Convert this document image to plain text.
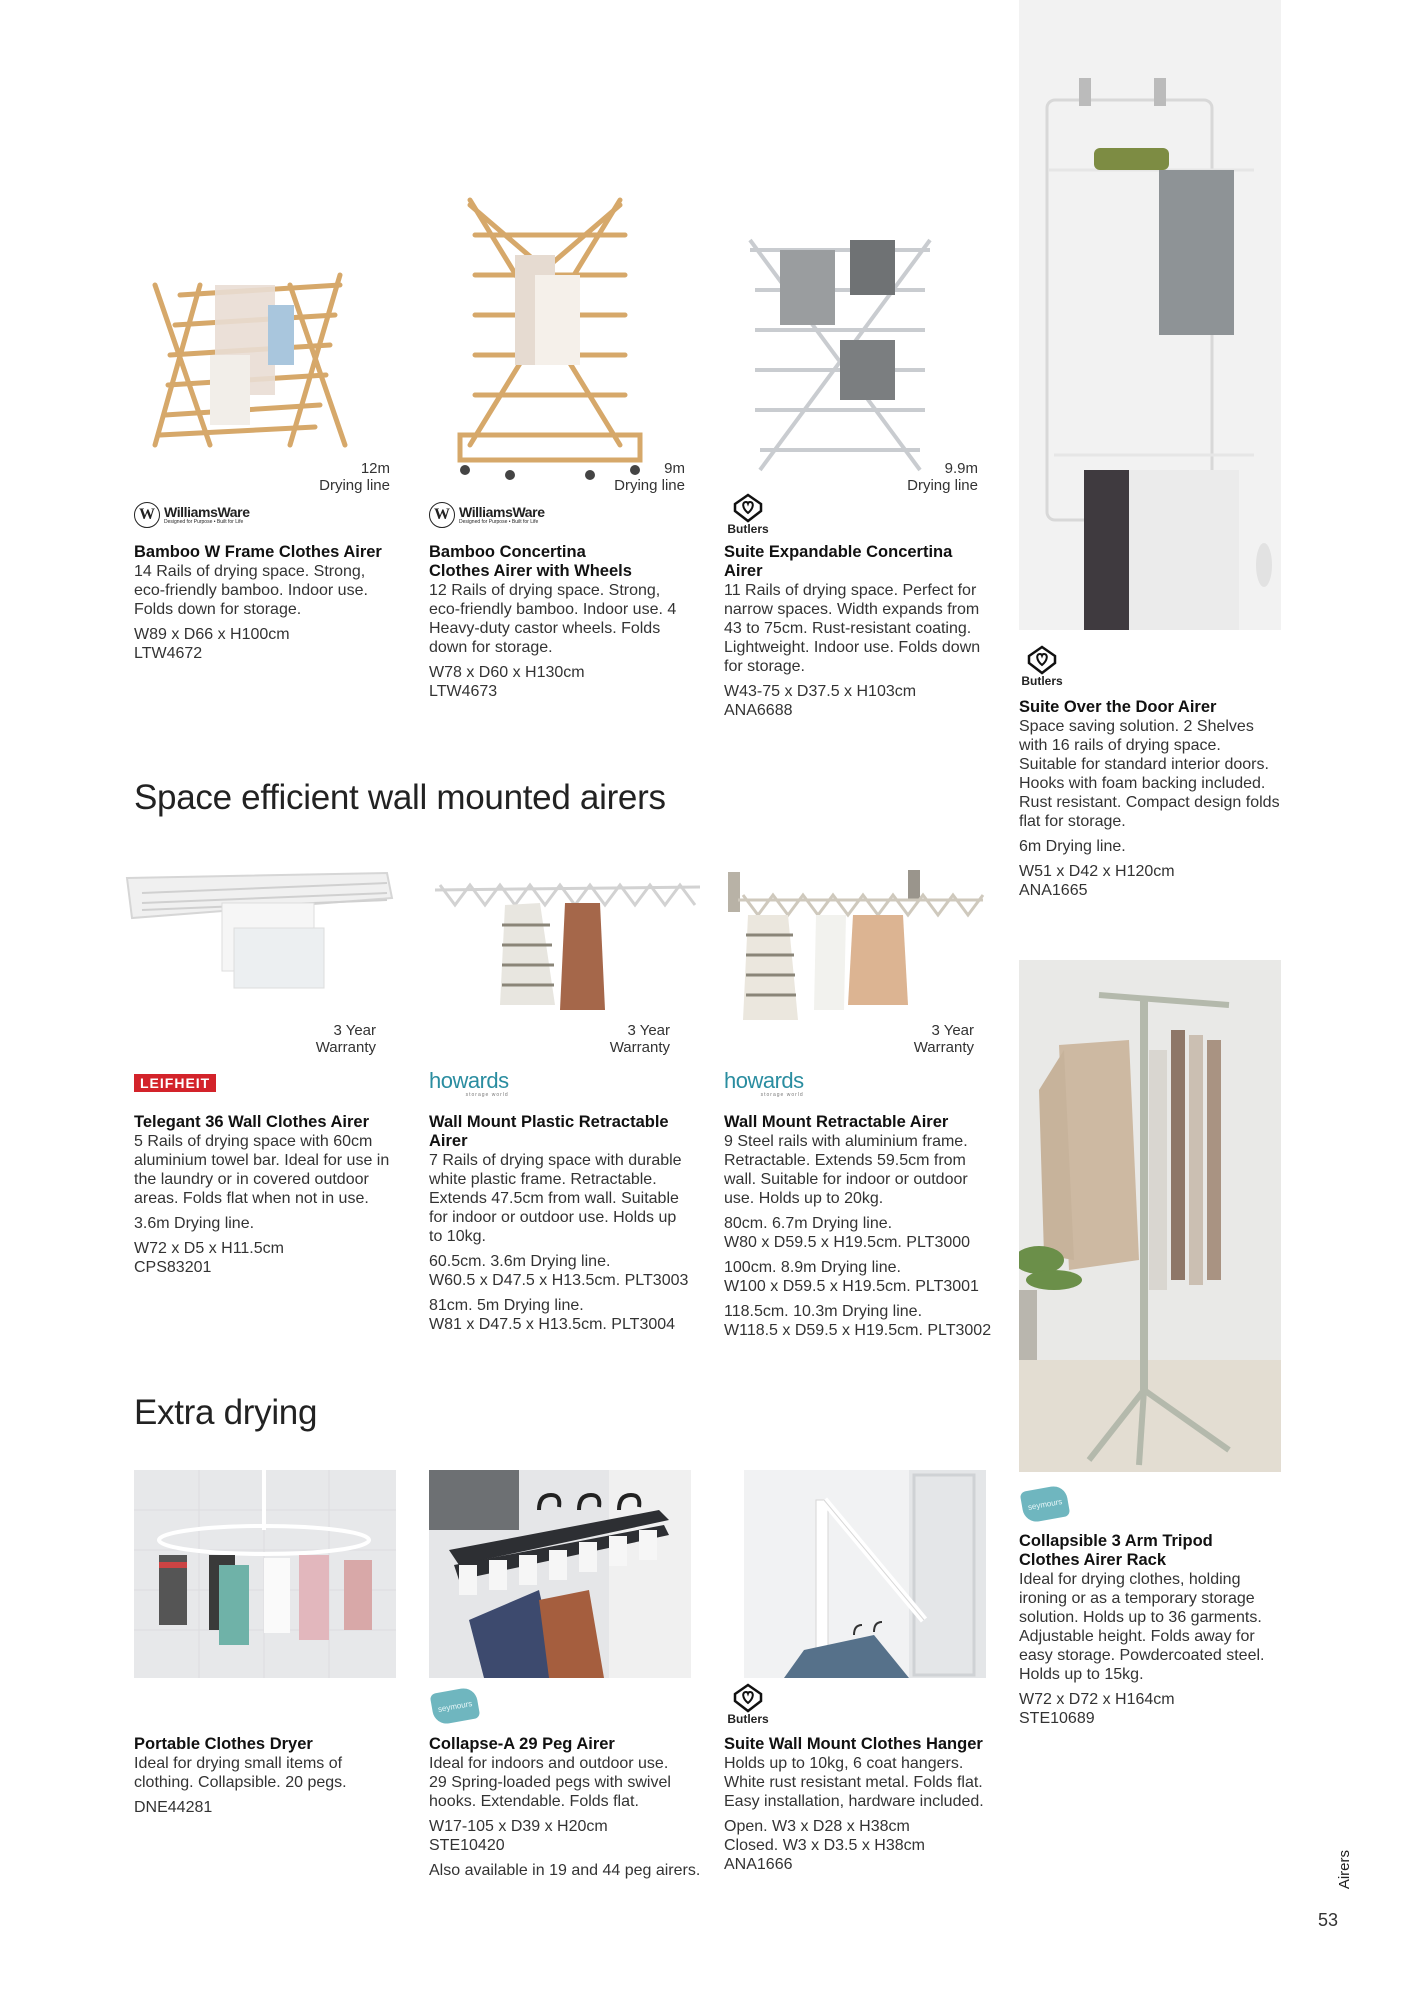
12m
Drying line
9m
Drying line
9.9m
Drying line
W WilliamsWare
Designed for Purpose • Built for Life	W WilliamsWare
Designed for Purpose • Built for Life
Butlers
Bamboo W Frame Clothes Airer
14 Rails of drying space. Strong, eco-friendly bamboo. Indoor use. Folds down for storage.
W89 x D66 x H100cm
LTW4672
Bamboo Concertina
Clothes Airer with Wheels
12 Rails of drying space. Strong, eco-friendly bamboo. Indoor use. 4 Heavy-duty castor wheels. Folds down for storage.
W78 x D60 x H130cm
LTW4673
Suite Expandable Concertina Airer
11 Rails of drying space. Perfect for narrow spaces. Width expands from 43 to 75cm. Rust-resistant coating. Lightweight. Indoor use. Folds down for storage.
W43-75 x D37.5 x H103cm
ANA6688
Butlers
Suite Over the Door Airer
Space saving solution. 2 Shelves with 16 rails of drying space. Suitable for standard interior doors. Hooks with foam backing included. Rust resistant. Compact design folds flat for storage.
6m Drying line.
W51 x D42 x H120cm
ANA1665
Space efficient wall mounted airers
3 Year
Warranty
3 Year
Warranty
3 Year
Warranty
LEIFHEIT	howards
storage world
howards
storage world
Telegant 36 Wall Clothes Airer
5 Rails of drying space with 60cm aluminium towel bar. Ideal for use in the laundry or in covered outdoor areas. Folds flat when not in use.
3.6m Drying line.
W72 x D5 x H11.5cm
CPS83201
Wall Mount Plastic Retractable Airer
7 Rails of drying space with durable white plastic frame. Retractable. Extends 47.5cm from wall. Suitable for indoor or outdoor use. Holds up to 10kg.
60.5cm. 3.6m Drying line.
W60.5 x D47.5 x H13.5cm. PLT3003
81cm. 5m Drying line.
W81 x D47.5 x H13.5cm. PLT3004
Wall Mount Retractable Airer
9 Steel rails with aluminium frame. Retractable. Extends 59.5cm from wall. Suitable for indoor or outdoor use. Holds up to 20kg.
80cm. 6.7m Drying line.
W80 x D59.5 x H19.5cm. PLT3000
100cm. 8.9m Drying line.
W100 x D59.5 x H19.5cm. PLT3001
118.5cm. 10.3m Drying line.
W118.5 x D59.5 x H19.5cm. PLT3002
seymours
Collapsible 3 Arm Tripod
Clothes Airer Rack
Ideal for drying clothes, holding ironing or as a temporary storage solution. Holds up to 36 garments. Adjustable height. Folds away for easy storage. Powdercoated steel. Holds up to 15kg.
W72 x D72 x H164cm
STE10689
Extra drying
seymours
Butlers
Portable Clothes Dryer
Ideal for drying small items of clothing. Collapsible. 20 pegs.
DNE44281
Collapse-A 29 Peg Airer
Ideal for indoors and outdoor use. 29 Spring-loaded pegs with swivel hooks. Extendable. Folds flat.
W17-105 x D39 x H20cm
STE10420
Also available in 19 and 44 peg airers.
Suite Wall Mount Clothes Hanger
Holds up to 10kg, 6 coat hangers. White rust resistant metal. Folds flat. Easy installation, hardware included.
Open. W3 x D28 x H38cm
Closed. W3 x D3.5 x H38cm
ANA1666	Airers
53
